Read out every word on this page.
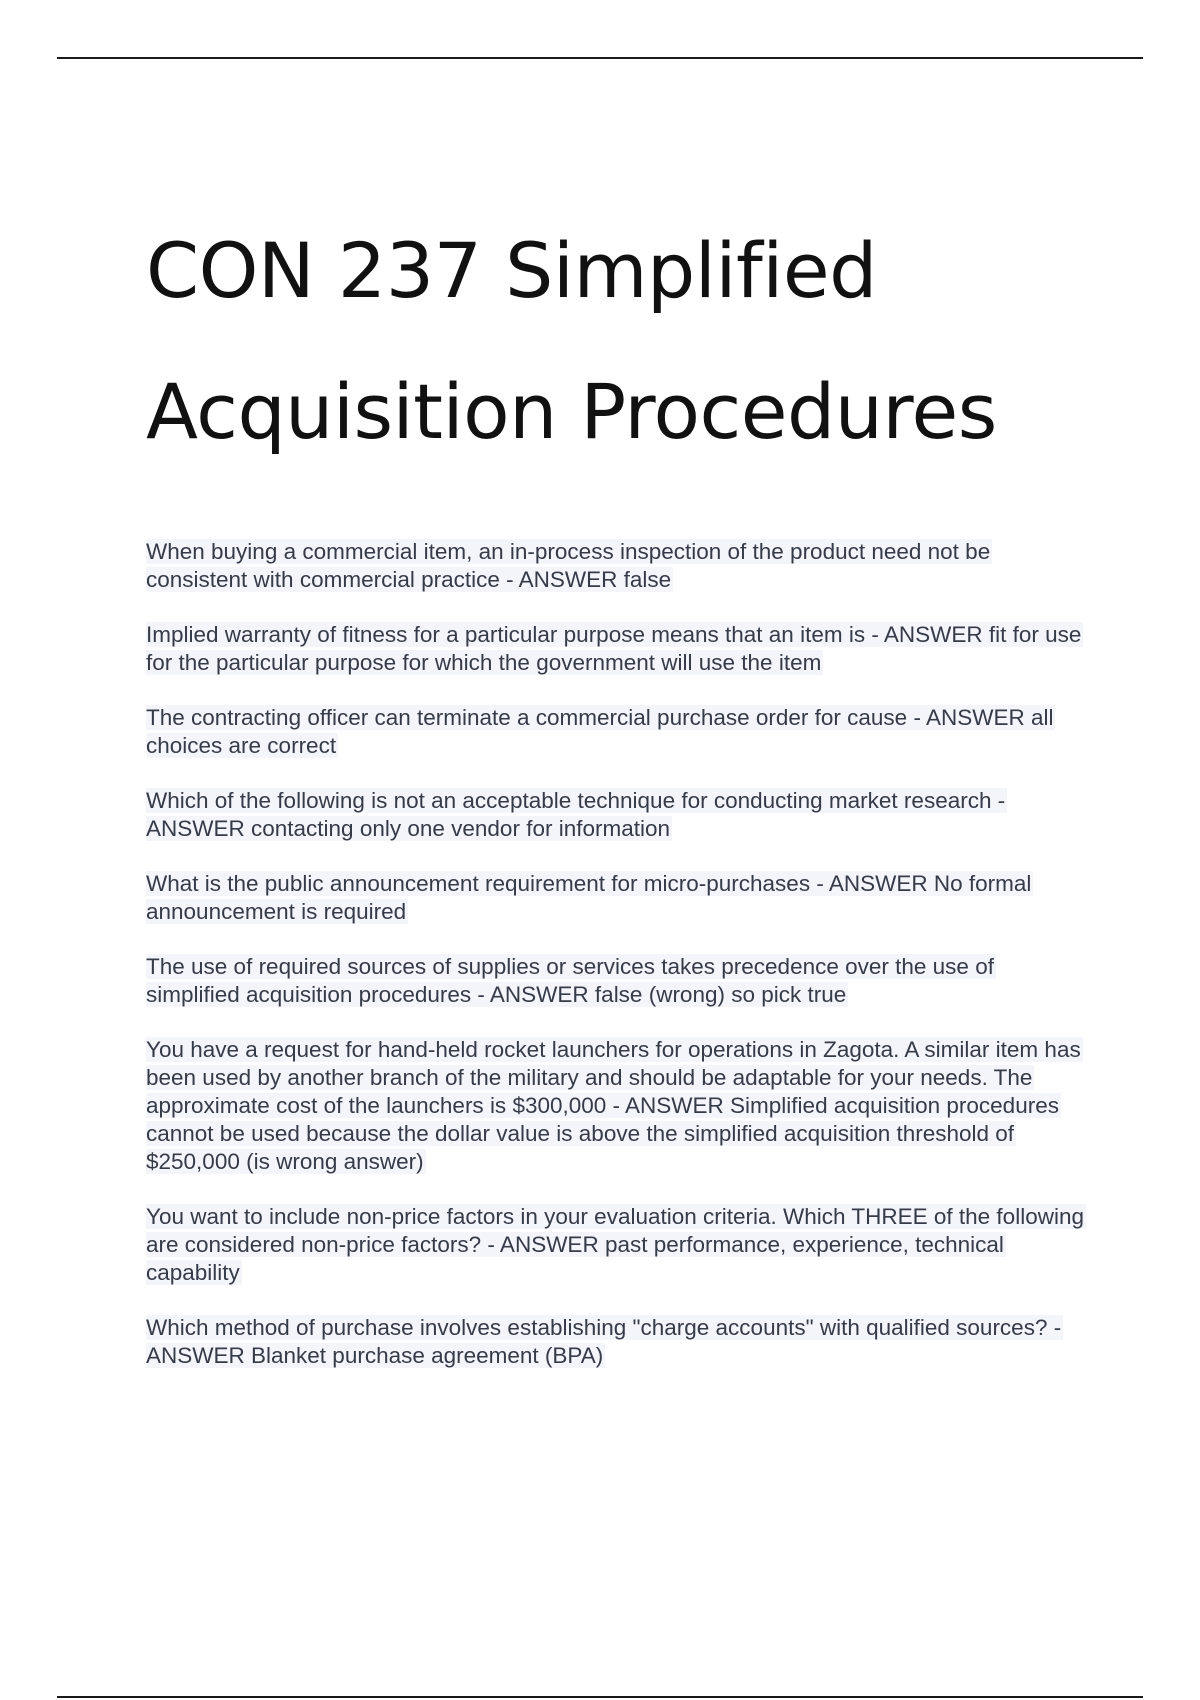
CON 237 Simplified
Acquisition Procedures
When buying a commercial item, an in-process inspection of the product need not be consistent with commercial practice - ANSWER false
Implied warranty of fitness for a particular purpose means that an item is - ANSWER fit for use for the particular purpose for which the government will use the item
The contracting officer can terminate a commercial purchase order for cause - ANSWER all choices are correct
Which of the following is not an acceptable technique for conducting market research - ANSWER contacting only one vendor for information
What is the public announcement requirement for micro-purchases - ANSWER No formal announcement is required
The use of required sources of supplies or services takes precedence over the use of simplified acquisition procedures - ANSWER false (wrong) so pick true
You have a request for hand-held rocket launchers for operations in Zagota. A similar item has been used by another branch of the military and should be adaptable for your needs. The approximate cost of the launchers is $300,000 - ANSWER Simplified acquisition procedures cannot be used because the dollar value is above the simplified acquisition threshold of $250,000 (is wrong answer)
You want to include non-price factors in your evaluation criteria. Which THREE of the following are considered non-price factors? - ANSWER past performance, experience, technical capability
Which method of purchase involves establishing "charge accounts" with qualified sources? - ANSWER Blanket purchase agreement (BPA)
